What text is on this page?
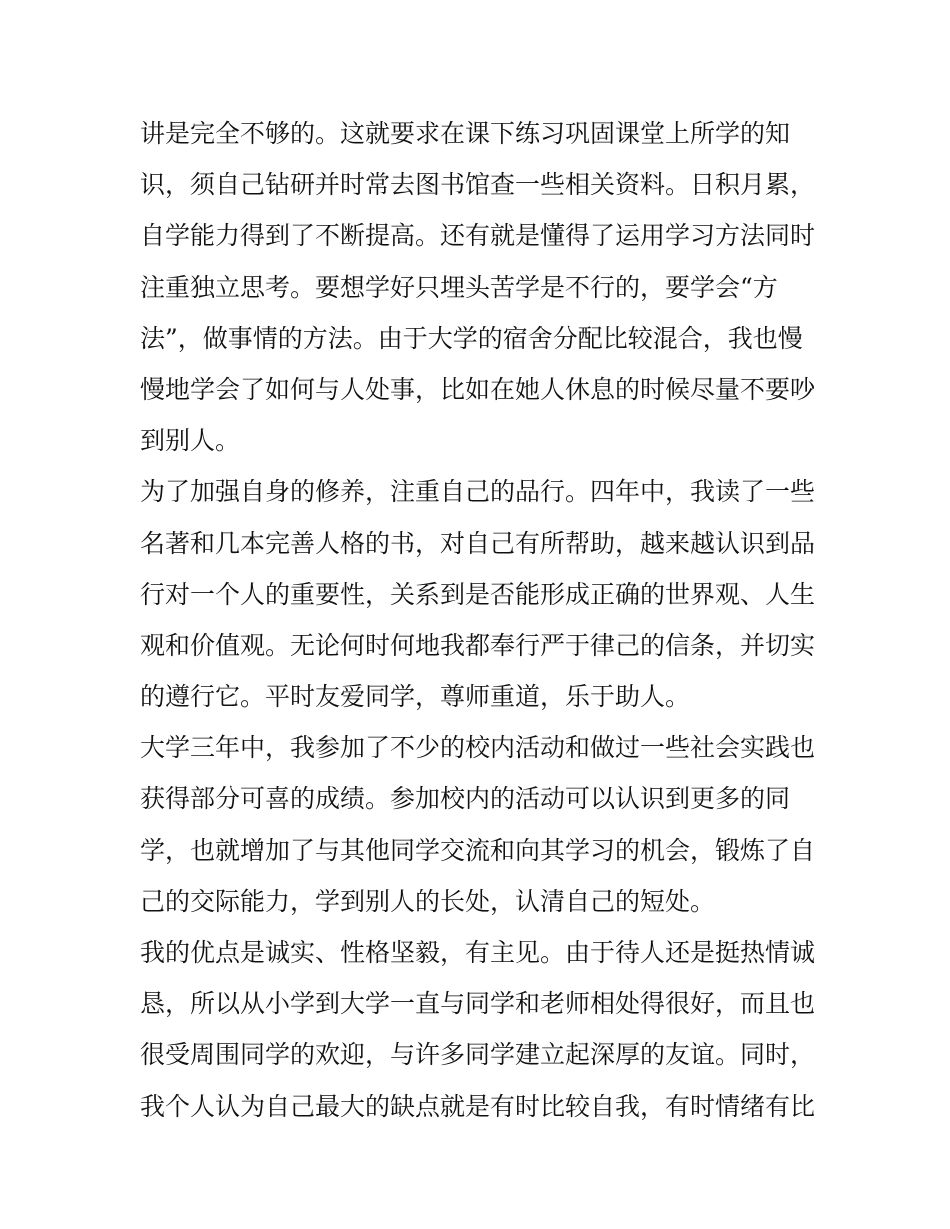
讲是完全不够的。这就要求在课下练习巩固课堂上所学的知
识，须自己钻研并时常去图书馆查一些相关资料。日积月累，
自学能力得到了不断提高。还有就是懂得了运用学习方法同时
注重独立思考。要想学好只埋头苦学是不行的，要学会“方
法”，做事情的方法。由于大学的宿舍分配比较混合，我也慢
慢地学会了如何与人处事，比如在她人休息的时候尽量不要吵
到别人。
为了加强自身的修养，注重自己的品行。四年中，我读了一些
名著和几本完善人格的书，对自己有所帮助，越来越认识到品
行对一个人的重要性，关系到是否能形成正确的世界观、人生
观和价值观。无论何时何地我都奉行严于律己的信条，并切实
的遵行它。平时友爱同学，尊师重道，乐于助人。
大学三年中，我参加了不少的校内活动和做过一些社会实践也
获得部分可喜的成绩。参加校内的活动可以认识到更多的同
学，也就增加了与其他同学交流和向其学习的机会，锻炼了自
己的交际能力，学到别人的长处，认清自己的短处。
我的优点是诚实、性格坚毅，有主见。由于待人还是挺热情诚
恳，所以从小学到大学一直与同学和老师相处得很好，而且也
很受周围同学的欢迎，与许多同学建立起深厚的友谊。同时，
我个人认为自己最大的缺点就是有时比较自我，有时情绪有比
